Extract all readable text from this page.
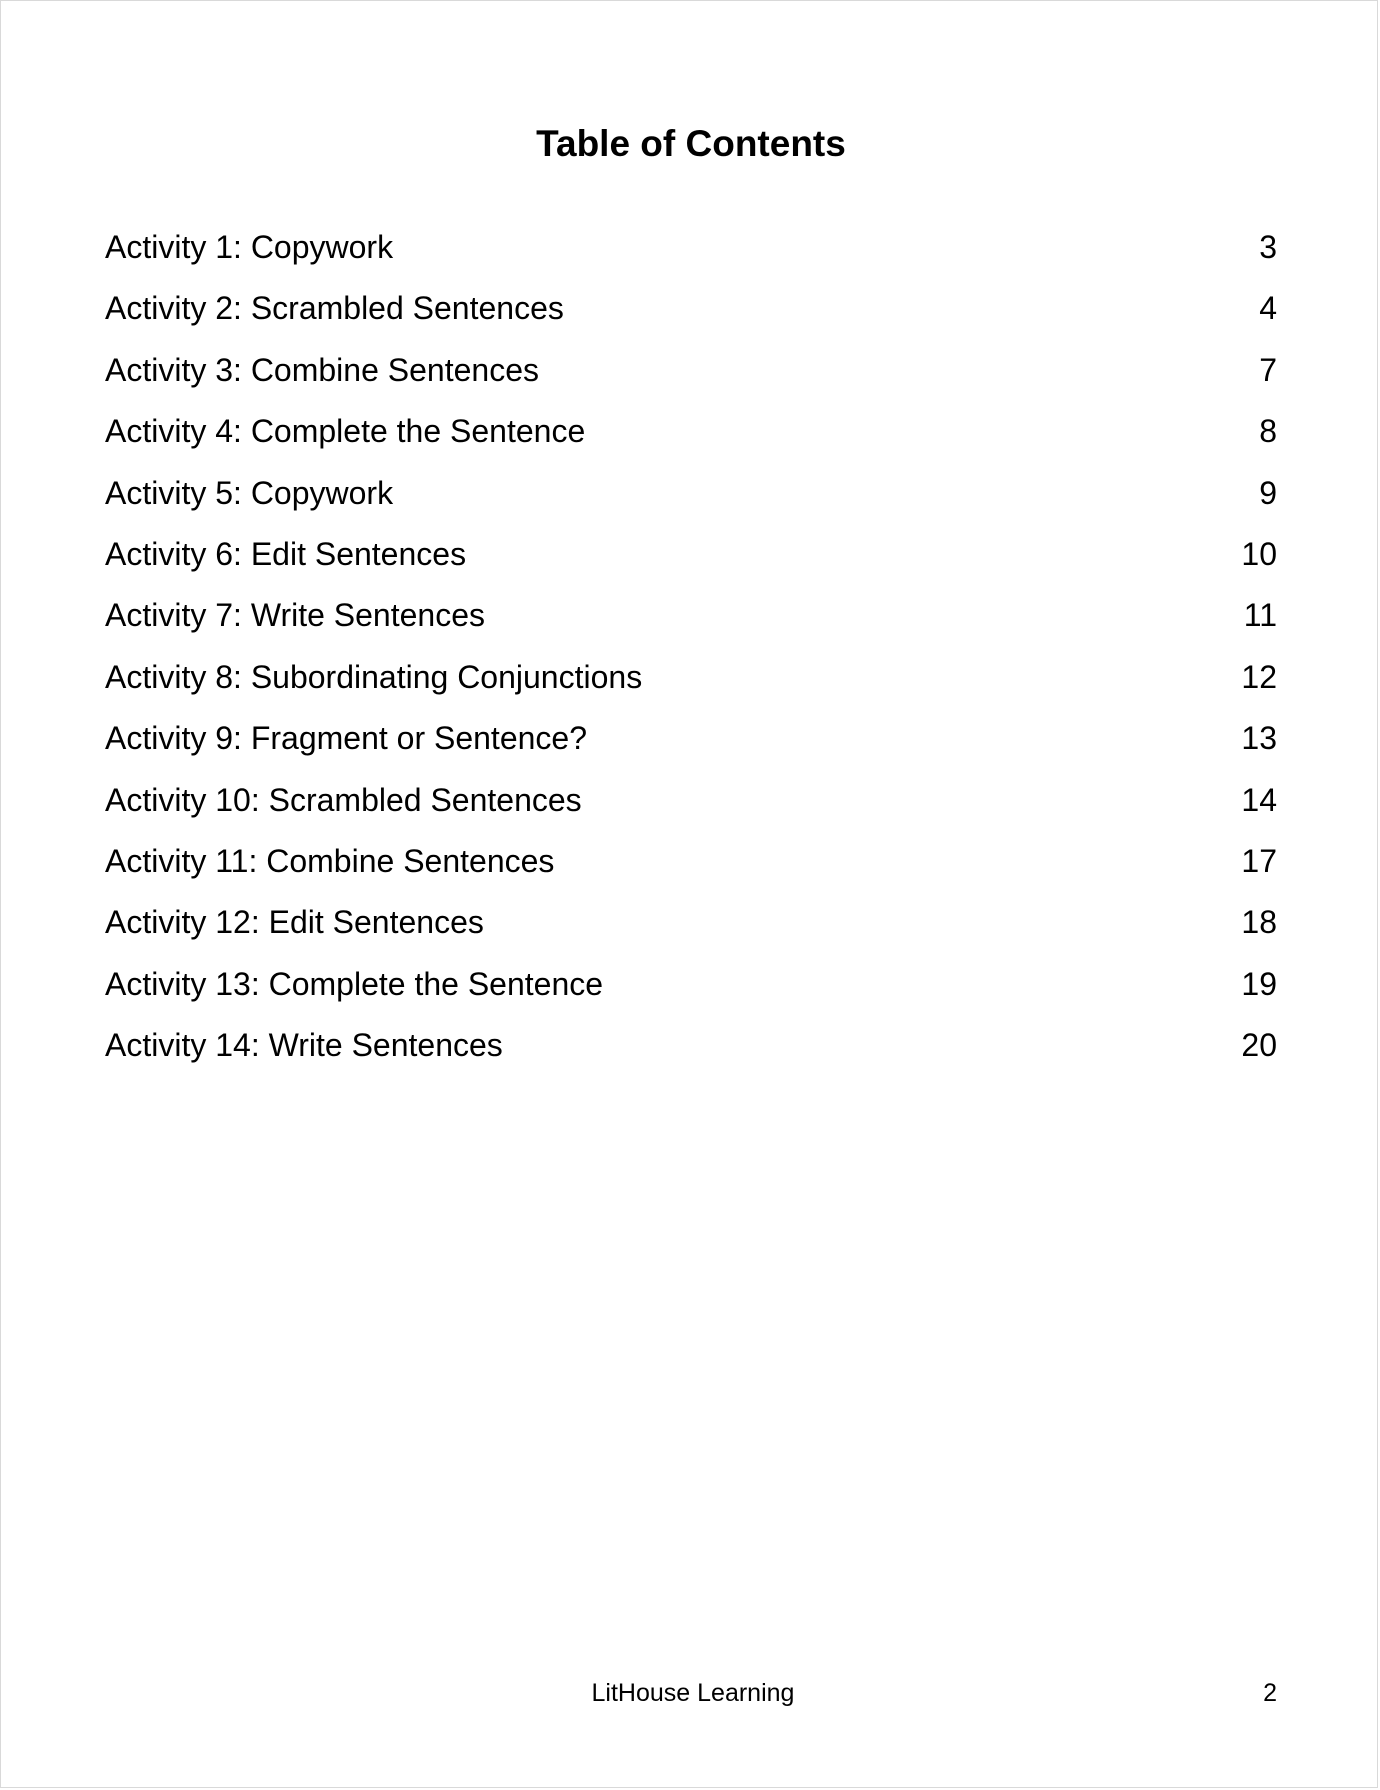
Table of Contents
Activity 1: Copywork	3
Activity 2: Scrambled Sentences	4
Activity 3: Combine Sentences	7
Activity 4: Complete the Sentence	8
Activity 5: Copywork	9
Activity 6: Edit Sentences	10
Activity 7: Write Sentences	11
Activity 8: Subordinating Conjunctions	12
Activity 9: Fragment or Sentence?	13
Activity 10: Scrambled Sentences	14
Activity 11: Combine Sentences	17
Activity 12: Edit Sentences	18
Activity 13: Complete the Sentence	19
Activity 14: Write Sentences	20
LitHouse Learning	2
